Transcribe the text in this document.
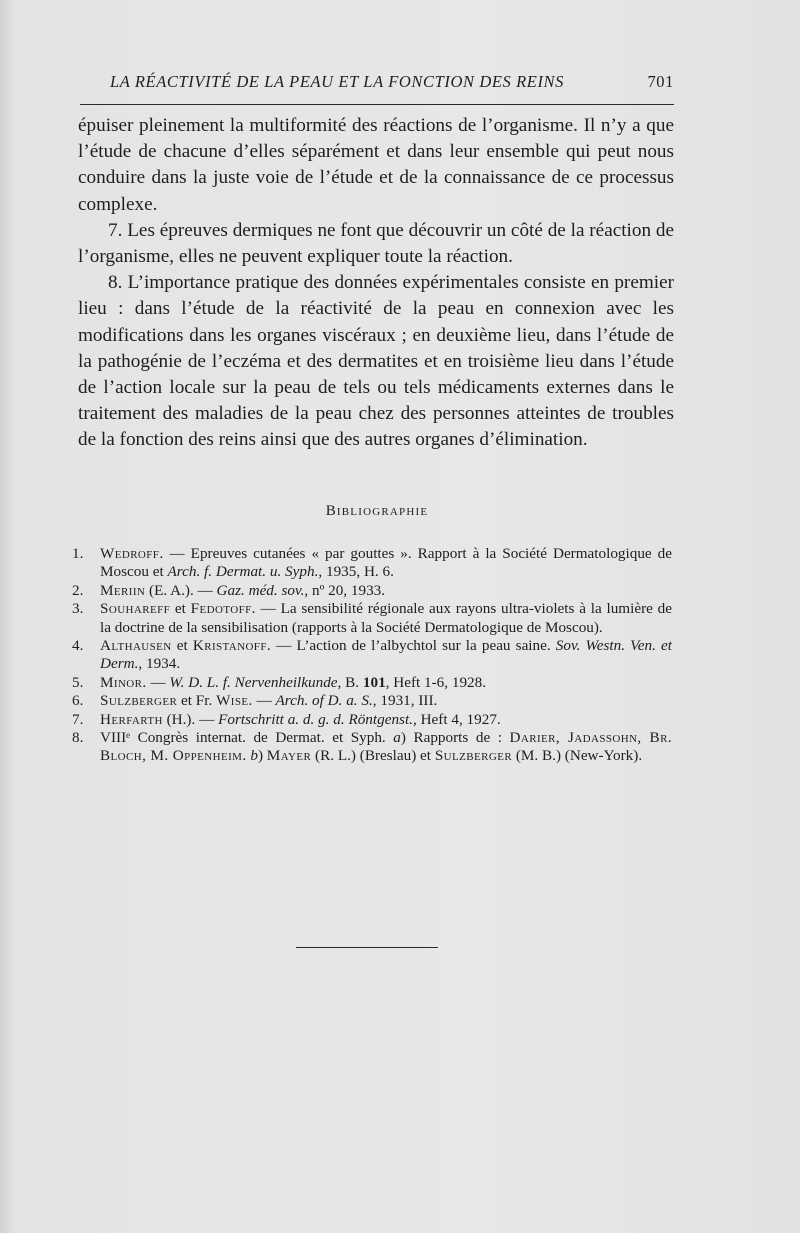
LA RÉACTIVITÉ DE LA PEAU ET LA FONCTION DES REINS	701

épuiser pleinement la multiformité des réactions de l’organisme. Il n’y a que l’étude de chacune d’elles séparément et dans leur ensemble qui peut nous conduire dans la juste voie de l’étude et de la connaissance de ce processus complexe.

7. Les épreuves dermiques ne font que découvrir un côté de la réaction de l’organisme, elles ne peuvent expliquer toute la réaction.

8. L’importance pratique des données expérimentales consiste en premier lieu : dans l’étude de la réactivité de la peau en connexion avec les modifications dans les organes viscéraux ; en deuxième lieu, dans l’étude de la pathogénie de l’eczéma et des dermatites et en troisième lieu dans l’étude de l’action locale sur la peau de tels ou tels médicaments externes dans le traitement des maladies de la peau chez des personnes atteintes de troubles de la fonction des reins ainsi que des autres organes d’élimination.

Bibliographie
1.	Wedroff. — Epreuves cutanées « par gouttes ». Rapport à la Société Dermatologique de Moscou et Arch. f. Dermat. u. Syph., 1935, H. 6.
2.	Meriin (E. A.). — Gaz. méd. sov., nº 20, 1933.
3.	Souhareff et Fedotoff. — La sensibilité régionale aux rayons ultra-violets à la lumière de la doctrine de la sensibilisation (rapports à la Société Dermatologique de Moscou).
4.	Althausen et Kristanoff. — L’action de l’albychtol sur la peau saine. Sov. Westn. Ven. et Derm., 1934.
5.	Minor. — W. D. L. f. Nervenheilkunde, B. 101, Heft 1-6, 1928.
6.	Sulzberger et Fr. Wise. — Arch. of D. a. S., 1931, III.
7.	Herfarth (H.). — Fortschritt a. d. g. d. Röntgenst., Heft 4, 1927.
8.	VIIIᵉ Congrès internat. de Dermat. et Syph. a) Rapports de : Darier, Jadassohn, Br. Bloch, M. Oppenheim. b) Mayer (R. L.) (Breslau) et Sulzberger (M. B.) (New-York).
